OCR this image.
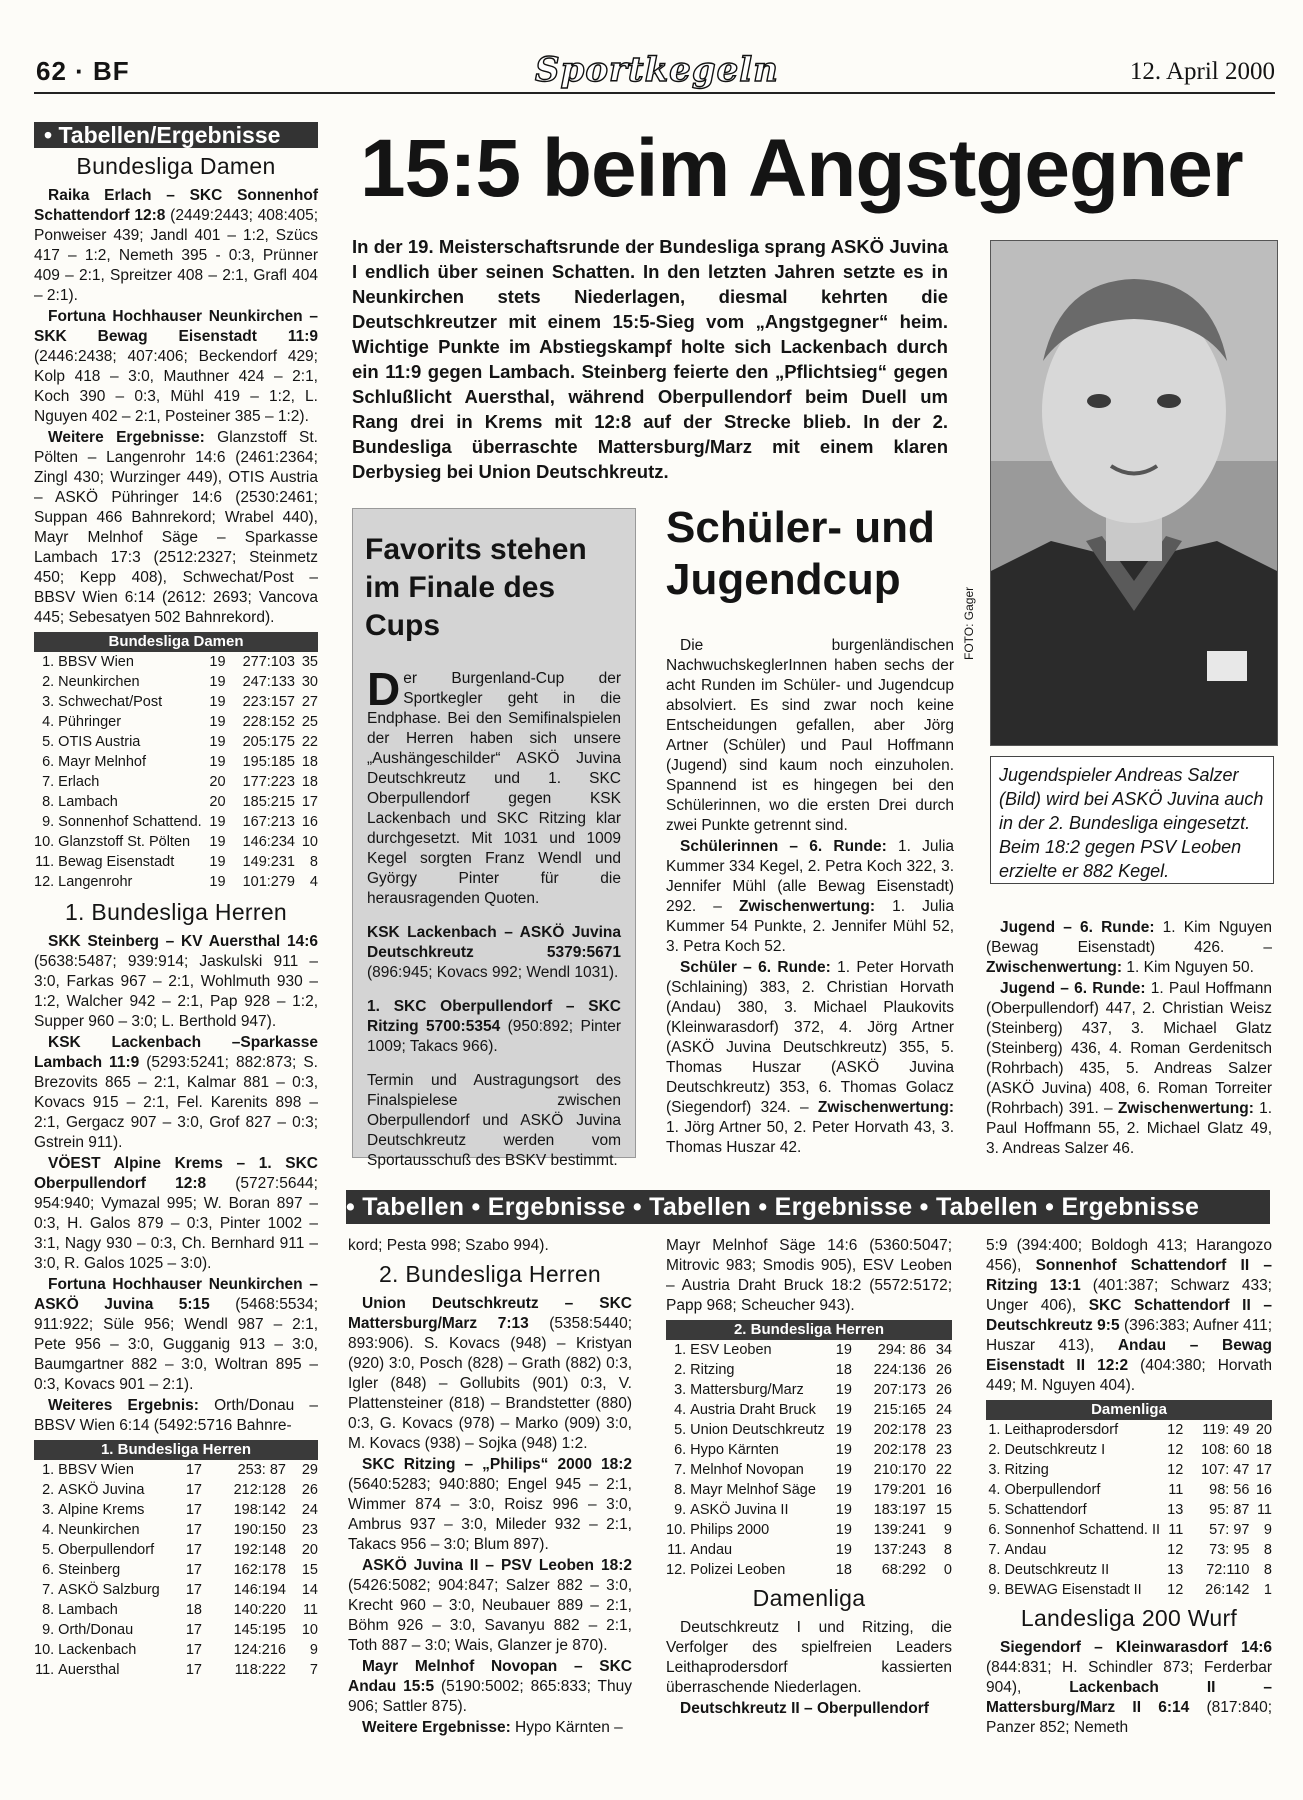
62 · BF	Sportkegeln	12. April 2000
• Tabellen/Ergebnisse
Bundesliga Damen

Raika Erlach – SKC Sonnenhof Schattendorf 12:8 (2449:2443; 408:405; Ponweiser 439; Jandl 401 – 1:2, Szücs 417 – 1:2, Nemeth 395 - 0:3, Prünner 409 – 2:1, Spreitzer 408 – 2:1, Grafl 404 – 2:1).

Fortuna Hochhauser Neunkirchen – SKK Bewag Eisenstadt 11:9 (2446:2438; 407:406; Beckendorf 429; Kolp 418 – 3:0, Mauthner 424 – 2:1, Koch 390 – 0:3, Mühl 419 – 1:2, L. Nguyen 402 – 2:1, Posteiner 385 – 1:2).

Weitere Ergebnisse: Glanzstoff St. Pölten – Langenrohr 14:6 (2461:2364; Zingl 430; Wurzinger 449), OTIS Austria – ASKÖ Pühringer 14:6 (2530:2461; Suppan 466 Bahnrekord; Wrabel 440), Mayr Melnhof Säge – Sparkasse Lambach 17:3 (2512:2327; Steinmetz 450; Kepp 408), Schwechat/Post – BBSV Wien 6:14 (2612: 2693; Vancova 445; Sebesatyen 502 Bahnrekord).

Bundesliga Damen
1.	BBSV Wien	19	277:103	35
2.	Neunkirchen	19	247:133	30
3.	Schwechat/Post	19	223:157	27
4.	Pühringer	19	228:152	25
5.	OTIS Austria	19	205:175	22
6.	Mayr Melnhof	19	195:185	18
7.	Erlach	20	177:223	18
8.	Lambach	20	185:215	17
9.	Sonnenhof Schattend.	19	167:213	16
10.	Glanzstoff St. Pölten	19	146:234	10
11.	Bewag Eisenstadt	19	149:231	8
12.	Langenrohr	19	101:279	4
1. Bundesliga Herren

SKK Steinberg – KV Auersthal 14:6 (5638:5487; 939:914; Jaskulski 911 – 3:0, Farkas 967 – 2:1, Wohlmuth 930 – 1:2, Walcher 942 – 2:1, Pap 928 – 1:2, Supper 960 – 3:0; L. Berthold 947).

KSK Lackenbach –Sparkasse Lambach 11:9 (5293:5241; 882:873; S. Brezovits 865 – 2:1, Kalmar 881 – 0:3, Kovacs 915 – 2:1, Fel. Karenits 898 – 2:1, Gergacz 907 – 3:0, Grof 827 – 0:3; Gstrein 911).

VÖEST Alpine Krems – 1. SKC Oberpullendorf 12:8 (5727:5644; 954:940; Vymazal 995; W. Boran 897 – 0:3, H. Galos 879 – 0:3, Pinter 1002 – 3:1, Nagy 930 – 0:3, Ch. Bernhard 911 – 3:0, R. Galos 1025 – 3:0).

Fortuna Hochhauser Neunkirchen – ASKÖ Juvina 5:15 (5468:5534; 911:922; Süle 956; Wendl 987 – 2:1, Pete 956 – 3:0, Gugganig 913 – 3:0, Baumgartner 882 – 3:0, Woltran 895 – 0:3, Kovacs 901 – 2:1).

Weiteres Ergebnis: Orth/Donau – BBSV Wien 6:14 (5492:5716 Bahnre-

1. Bundesliga Herren
1.	BBSV Wien	17	253: 87	29
2.	ASKÖ Juvina	17	212:128	26
3.	Alpine Krems	17	198:142	24
4.	Neunkirchen	17	190:150	23
5.	Oberpullendorf	17	192:148	20
6.	Steinberg	17	162:178	15
7.	ASKÖ Salzburg	17	146:194	14
8.	Lambach	18	140:220	11
9.	Orth/Donau	17	145:195	10
10.	Lackenbach	17	124:216	9
11.	Auersthal	17	118:222	7
15:5 beim Angstgegner
In der 19. Meisterschaftsrunde der Bundesliga sprang ASKÖ Juvina I endlich über seinen Schatten. In den letzten Jahren setzte es in Neunkirchen stets Niederlagen, diesmal kehrten die Deutschkreutzer mit einem 15:5-Sieg vom „Angstgegner“ heim. Wichtige Punkte im Abstiegskampf holte sich Lackenbach durch ein 11:9 gegen Lambach. Steinberg feierte den „Pflichtsieg“ gegen Schlußlicht Auersthal, während Oberpullendorf beim Duell um Rang drei in Krems mit 12:8 auf der Strecke blieb. In der 2. Bundesliga überraschte Mattersburg/Marz mit einem klaren Derbysieg bei Union Deutschkreutz.
Favorits stehen im Finale des Cups

Der Burgenland-Cup der Sportkegler geht in die Endphase. Bei den Semifinalspielen der Herren haben sich unsere „Aushängeschilder“ ASKÖ Juvina Deutschkreutz und 1. SKC Oberpullendorf gegen KSK Lackenbach und SKC Ritzing klar durchgesetzt. Mit 1031 und 1009 Kegel sorgten Franz Wendl und György Pinter für die herausragenden Quoten.

KSK Lackenbach – ASKÖ Juvina Deutschkreutz 5379:5671 (896:945; Kovacs 992; Wendl 1031).

1. SKC Oberpullendorf – SKC Ritzing 5700:5354 (950:892; Pinter 1009; Takacs 966).

Termin und Austragungsort des Finalspielese zwischen Oberpullendorf und ASKÖ Juvina Deutschkreutz werden vom Sportausschuß des BSKV bestimmt.

Schüler- und Jugendcup

Die burgenländischen NachwuchskeglerInnen haben sechs der acht Runden im Schüler- und Jugendcup absolviert. Es sind zwar noch keine Entscheidungen gefallen, aber Jörg Artner (Schüler) und Paul Hoffmann (Jugend) sind kaum noch einzuholen. Spannend ist es hingegen bei den Schülerinnen, wo die ersten Drei durch zwei Punkte getrennt sind.

Schülerinnen – 6. Runde: 1. Julia Kummer 334 Kegel, 2. Petra Koch 322, 3. Jennifer Mühl (alle Bewag Eisenstadt) 292. – Zwischenwertung: 1. Julia Kummer 54 Punkte, 2. Jennifer Mühl 52, 3. Petra Koch 52.

Schüler – 6. Runde: 1. Peter Horvath (Schlaining) 383, 2. Christian Horvath (Andau) 380, 3. Michael Plaukovits (Kleinwarasdorf) 372, 4. Jörg Artner (ASKÖ Juvina Deutschkreutz) 355, 5. Thomas Huszar (ASKÖ Juvina Deutschkreutz) 353, 6. Thomas Golacz (Siegendorf) 324. – Zwischenwertung: 1. Jörg Artner 50, 2. Peter Horvath 43, 3. Thomas Huszar 42.

FOTO: Gager
Jugendspieler Andreas Salzer (Bild) wird bei ASKÖ Juvina auch in der 2. Bundesliga eingesetzt. Beim 18:2 gegen PSV Leoben erzielte er 882 Kegel.

Jugend – 6. Runde: 1. Kim Nguyen (Bewag Eisenstadt) 426. – Zwischenwertung: 1. Kim Nguyen 50.

Jugend – 6. Runde: 1. Paul Hoffmann (Oberpullendorf) 447, 2. Christian Weisz (Steinberg) 437, 3. Michael Glatz (Steinberg) 436, 4. Roman Gerdenitsch (Rohrbach) 435, 5. Andreas Salzer (ASKÖ Juvina) 408, 6. Roman Torreiter (Rohrbach) 391. – Zwischenwertung: 1. Paul Hoffmann 55, 2. Michael Glatz 49, 3. Andreas Salzer 46.

• Tabellen • Ergebnisse • Tabellen • Ergebnisse • Tabellen • Ergebnisse
kord; Pesta 998; Szabo 994).
2. Bundesliga Herren

Union Deutschkreutz – SKC Mattersburg/Marz 7:13 (5358:5440; 893:906). S. Kovacs (948) – Kristyan (920) 3:0, Posch (828) – Grath (882) 0:3, Igler (848) – Gollubits (901) 0:3, V. Plattensteiner (818) – Brandstetter (880) 0:3, G. Kovacs (978) – Marko (909) 3:0, M. Kovacs (938) – Sojka (948) 1:2.

SKC Ritzing – „Philips“ 2000 18:2 (5640:5283; 940:880; Engel 945 – 2:1, Wimmer 874 – 3:0, Roisz 996 – 3:0, Ambrus 937 – 3:0, Mileder 932 – 2:1, Takacs 956 – 3:0; Blum 897).

ASKÖ Juvina II – PSV Leoben 18:2 (5426:5082; 904:847; Salzer 882 – 3:0, Krecht 960 – 3:0, Neubauer 889 – 2:1, Böhm 926 – 3:0, Savanyu 882 – 2:1, Toth 887 – 3:0; Wais, Glanzer je 870).

Mayr Melnhof Novopan – SKC Andau 15:5 (5190:5002; 865:833; Thuy 906; Sattler 875).

Weitere Ergebnisse: Hypo Kärnten –

Mayr Melnhof Säge 14:6 (5360:5047; Mitrovic 983; Smodis 905), ESV Leoben – Austria Draht Bruck 18:2 (5572:5172; Papp 968; Scheucher 943).
2. Bundesliga Herren
1.	ESV Leoben	19	294: 86	34
2.	Ritzing	18	224:136	26
3.	Mattersburg/Marz	19	207:173	26
4.	Austria Draht Bruck	19	215:165	24
5.	Union Deutschkreutz	19	202:178	23
6.	Hypo Kärnten	19	202:178	23
7.	Melnhof Novopan	19	210:170	22
8.	Mayr Melnhof Säge	19	179:201	16
9.	ASKÖ Juvina II	19	183:197	15
10.	Philips 2000	19	139:241	9
11.	Andau	19	137:243	8
12.	Polizei Leoben	18	68:292	0
Damenliga

Deutschkreutz I und Ritzing, die Verfolger des spielfreien Leaders Leithaprodersdorf kassierten überraschende Niederlagen.

Deutschkreutz II – Oberpullendorf

5:9 (394:400; Boldogh 413; Harangozo 456), Sonnenhof Schattendorf II – Ritzing 13:1 (401:387; Schwarz 433; Unger 406), SKC Schattendorf II – Deutschkreutz 9:5 (396:383; Aufner 411; Huszar 413), Andau – Bewag Eisenstadt II 12:2 (404:380; Horvath 449; M. Nguyen 404).
Damenliga
1.	Leithaprodersdorf	12	119: 49	20
2.	Deutschkreutz I	12	108: 60	18
3.	Ritzing	12	107: 47	17
4.	Oberpullendorf	11	98: 56	16
5.	Schattendorf	13	95: 87	11
6.	Sonnenhof Schattend. II	11	57: 97	9
7.	Andau	12	73: 95	8
8.	Deutschkreutz II	13	72:110	8
9.	BEWAG Eisenstadt II	12	26:142	1
Landesliga 200 Wurf

Siegendorf – Kleinwarasdorf 14:6 (844:831; H. Schindler 873; Ferderbar 904), Lackenbach II – Mattersburg/Marz II 6:14 (817:840; Panzer 852; Nemeth
